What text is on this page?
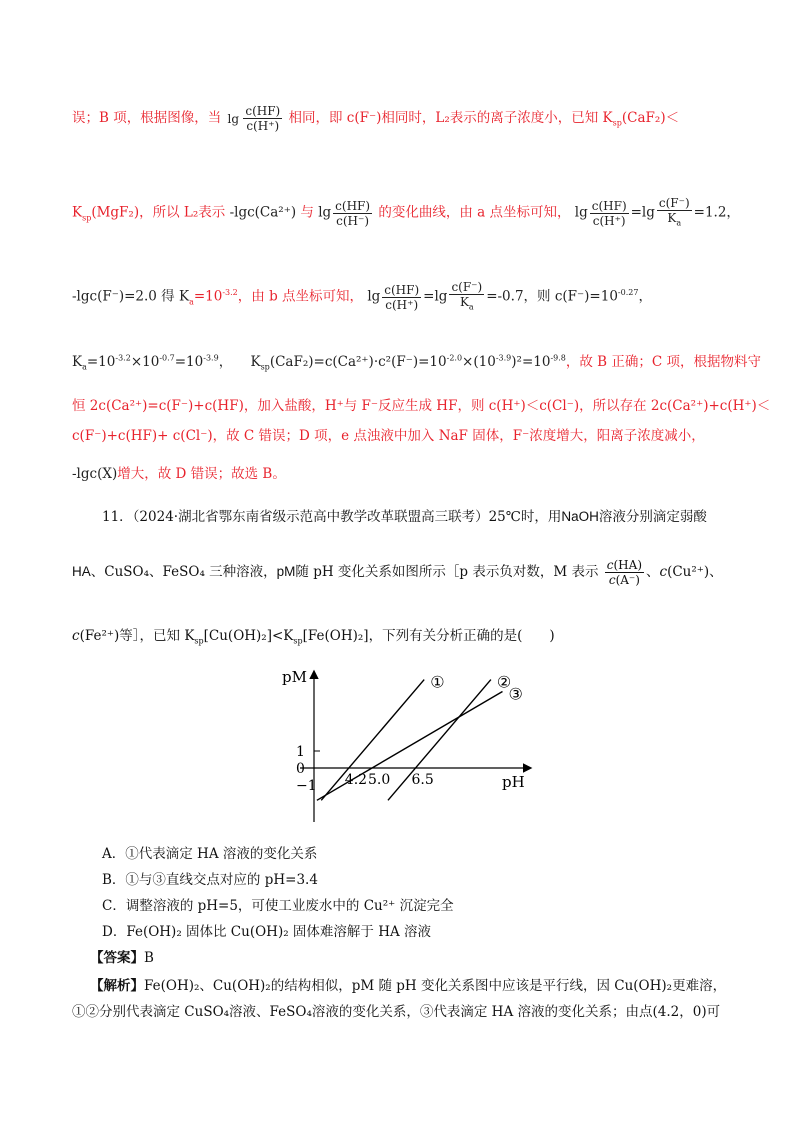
误；B 项，根据图像，当 $\lg \frac{c(HF)}{c(H^+)}$ 相同，即 c(F⁻)相同时，L₂表示的离子浓度小，已知 $K_{sp}(CaF_2)<$
$K_{sp}(MgF_2)$，所以 L₂表示 -lgc(Ca²⁺) 与 $\lg \frac{c(HF)}{c(H^-)}$ 的变化曲线，由 a 点坐标可知， $\lg \frac{c(HF)}{c(H^+)} =\lg \frac{c(F^-)}{K_a} =1.2$，
-lgc(F⁻)=2.0 得 $K_a=10^{-3.2}$，由 b 点坐标可知， $\lg \frac{c(HF)}{c(H^+)} =\lg \frac{c(F^-)}{K_a} =-0.7$，则 $c(F^-)=10^{-0.27}$，
$K_a=10^{-3.2}\times 10^{-0.7}=10^{-3.9}$， $K_{sp}(CaF_2)=c(Ca^{2+})\cdot c^2(F^-)=10^{-2.0}\times(10^{-3.9})^2=10^{-9.8}$，故 B 正确；C 项，根据物料守
恒 2c(Ca²⁺)=c(F⁻)+c(HF)，加入盐酸，H⁺与 F⁻反应生成 HF，则 c(H⁺)＜c(Cl⁻)，所以存在 2c(Ca²⁺)+c(H⁺)＜
c(F⁻)+c(HF)+ c(Cl⁻)，故 C 错误；D 项，e 点浊液中加入 NaF 固体，F⁻浓度增大，阳离子浓度减小，
-lgc(X)增大，故 D 错误；故选 B。
11．（2024·湖北省鄂东南省级示范高中教学改革联盟高三联考）25℃时，用NaOH溶液分别滴定弱酸
HA、CuSO₄、FeSO₄ 三种溶液，pM随 pH 变化关系如图所示［p 表示负对数，M 表示 $\frac{c(HA)}{c(A^-)}$ 、c(Cu²⁺)、
c(Fe²⁺)等］，已知 $K_{sp}[Cu(OH)_2]<K_{sp}[Fe(OH)_2]$，下列有关分析正确的是(　　)
pM
pH
1
0
−1 4.2 5.0 6.5
①	②
③
A．①代表滴定 HA 溶液的变化关系
B．①与③直线交点对应的 pH=3.4
C．调整溶液的 pH=5，可使工业废水中的 Cu²⁺ 沉淀完全
D．Fe(OH)₂ 固体比 Cu(OH)₂ 固体难溶解于 HA 溶液
【答案】B
【解析】Fe(OH)₂、Cu(OH)₂的结构相似，pM 随 pH 变化关系图中应该是平行线，因 Cu(OH)₂更难溶，
①②分别代表滴定 CuSO₄溶液、FeSO₄溶液的变化关系，③代表滴定 HA 溶液的变化关系；由点(4.2，0)可
